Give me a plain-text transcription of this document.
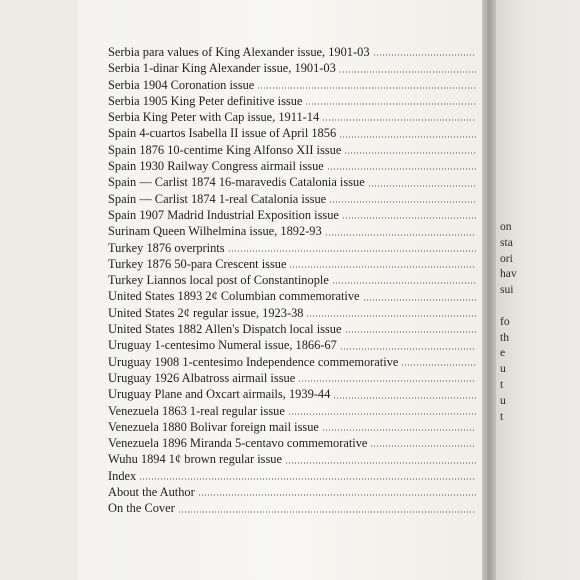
Serbia para values of King Alexander issue, 1901-03
Serbia 1-dinar King Alexander issue, 1901-03
Serbia 1904 Coronation issue
Serbia 1905 King Peter definitive issue
Serbia King Peter with Cap issue, 1911-14
Spain 4-cuartos Isabella II issue of April 1856
Spain 1876 10-centime King Alfonso XII issue
Spain 1930 Railway Congress airmail issue
Spain — Carlist 1874 16-maravedis Catalonia issue
Spain — Carlist 1874 1-real Catalonia issue
Spain 1907 Madrid Industrial Exposition issue
Surinam Queen Wilhelmina issue, 1892-93
Turkey 1876 overprints
Turkey 1876 50-para Crescent issue
Turkey Liannos local post of Constantinople
United States 1893 2¢ Columbian commemorative
United States 2¢ regular issue, 1923-38
United States 1882 Allen's Dispatch local issue
Uruguay 1-centesimo Numeral issue, 1866-67
Uruguay 1908 1-centesimo Independence commemorative
Uruguay 1926 Albatross airmail issue
Uruguay Plane and Oxcart airmails, 1939-44
Venezuela 1863 1-real regular issue
Venezuela 1880 Bolivar foreign mail issue
Venezuela 1896 Miranda 5-centavo commemorative
Wuhu 1894 1¢ brown regular issue
Index
About the Author
On the Cover
on
sta
ori
hav
sui
fo
th
e
u
t
u
t
